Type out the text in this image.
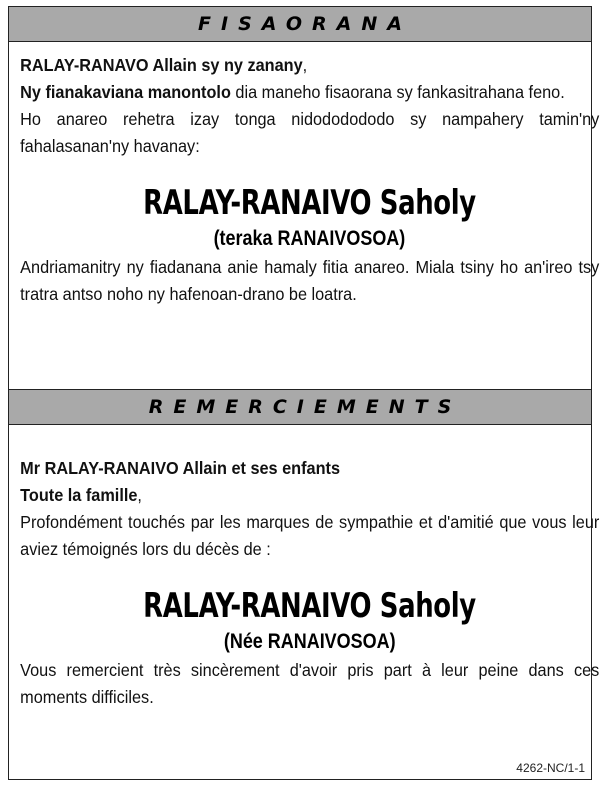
FISAORANA

RALAY-RANAVO Allain sy ny zanany,

Ny fianakaviana manontolo dia maneho fisaorana sy fankasitrahana feno.

Ho anareo rehetra izay tonga nidododododo sy nampahery tamin'ny fahalasanan'ny havanay:

RALAY-RANAIVO Saholy
(teraka RANAIVOSOA)

Andriamanitry ny fiadanana anie hamaly fitia anareo. Miala tsiny ho an'ireo tsy tratra antso noho ny hafenoan-drano be loatra.

REMERCIEMENTS

Mr RALAY-RANAIVO Allain et ses enfants

Toute la famille,

Profondément touchés par les marques de sympathie et d'amitié que vous leur aviez témoignés lors du décès de :

RALAY-RANAIVO Saholy
(Née RANAIVOSOA)

Vous remercient très sincèrement d'avoir pris part à leur peine dans ces moments difficiles.

4262-NC/1-1
